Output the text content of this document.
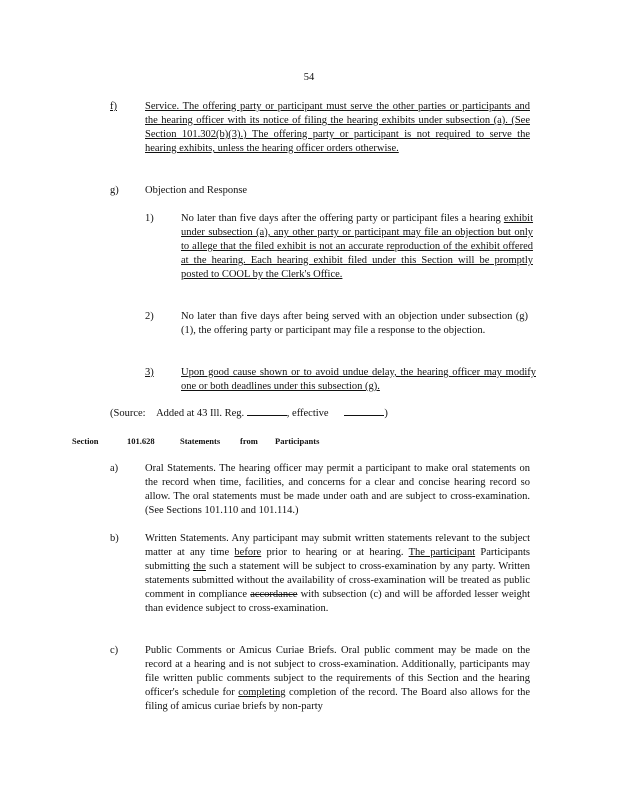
54
f)	Service. The offering party or participant must serve the other parties or participants and the hearing officer with its notice of filing the hearing exhibits under subsection (a). (See Section 101.302(b)(3).) The offering party or participant is not required to serve the hearing exhibits, unless the hearing officer orders otherwise.
g)	Objection and Response
1)	No later than five days after the offering party or participant files a hearing exhibit under subsection (a), any other party or participant may file an objection but only to allege that the filed exhibit is not an accurate reproduction of the exhibit offered at the hearing. Each hearing exhibit filed under this Section will be promptly posted to COOL by the Clerk's Office.
2)	No later than five days after being served with an objection under subsection (g)(1), the offering party or participant may file a response to the objection.
3)	Upon good cause shown or to avoid undue delay, the hearing officer may modify one or both deadlines under this subsection (g).
(Source: Added at 43 Ill. Reg.	, effective	)
Section	101.628	Statements from Participants
a)	Oral Statements. The hearing officer may permit a participant to make oral statements on the record when time, facilities, and concerns for a clear and concise hearing record so allow. The oral statements must be made under oath and are subject to cross-examination. (See Sections 101.110 and 101.114.)
b)	Written Statements. Any participant may submit written statements relevant to the subject matter at any time before prior to hearing or at hearing. The participant Participants submitting the such a statement will be subject to cross-examination by any party. Written statements submitted without the availability of cross-examination will be treated as public comment in compliance accordance with subsection (c) and will be afforded lesser weight than evidence subject to cross-examination.
c)	Public Comments or Amicus Curiae Briefs. Oral public comment may be made on the record at a hearing and is not subject to cross-examination. Additionally, participants may file written public comments subject to the requirements of this Section and the hearing officer's schedule for completing completion of the record. The Board also allows for the filing of amicus curiae briefs by non-party
